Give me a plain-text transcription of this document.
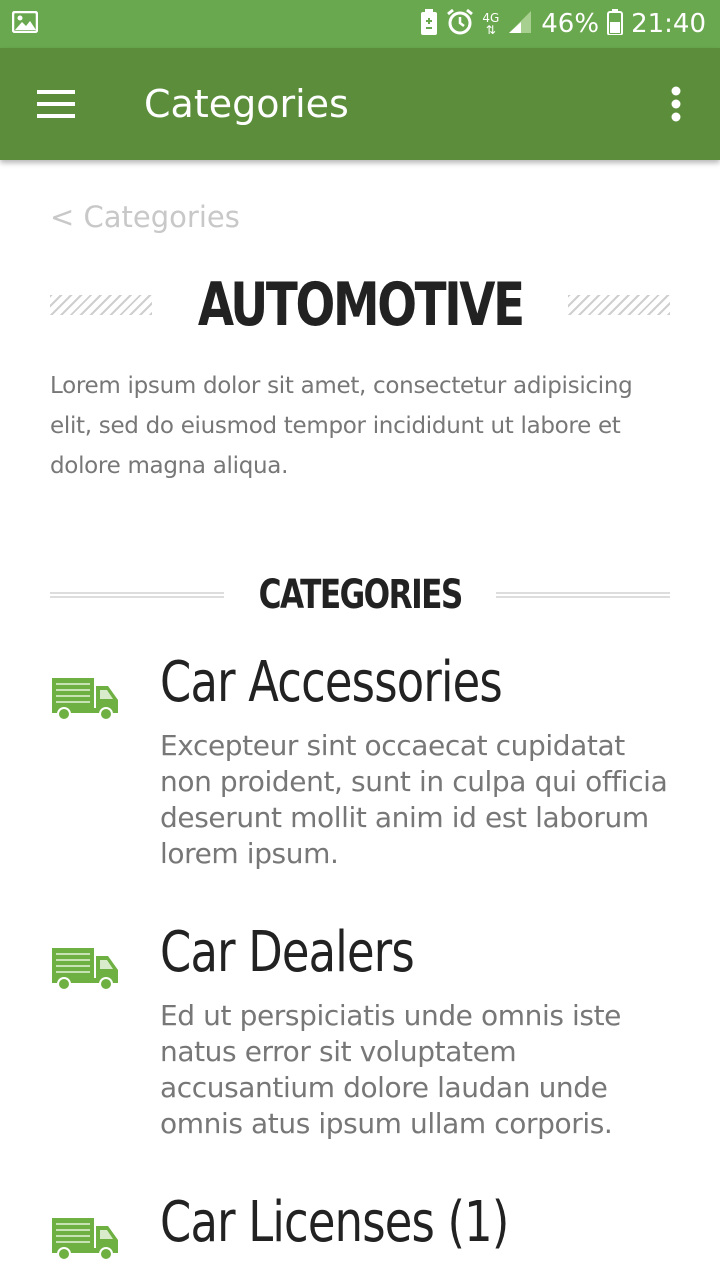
4G
⇅ 46% 21:40
Categories
< Categories
AUTOMOTIVE
Lorem ipsum dolor sit amet, consectetur adipisicing elit, sed do eiusmod tempor incididunt ut labore et dolore magna aliqua.
CATEGORIES
Car Accessories
Excepteur sint occaecat cupidatat non proident, sunt in culpa qui officia deserunt mollit anim id est laborum lorem ipsum.
Car Dealers
Ed ut perspiciatis unde omnis iste natus error sit voluptatem accusantium dolore laudan unde omnis atus ipsum ullam corporis.
Car Licenses (1)
